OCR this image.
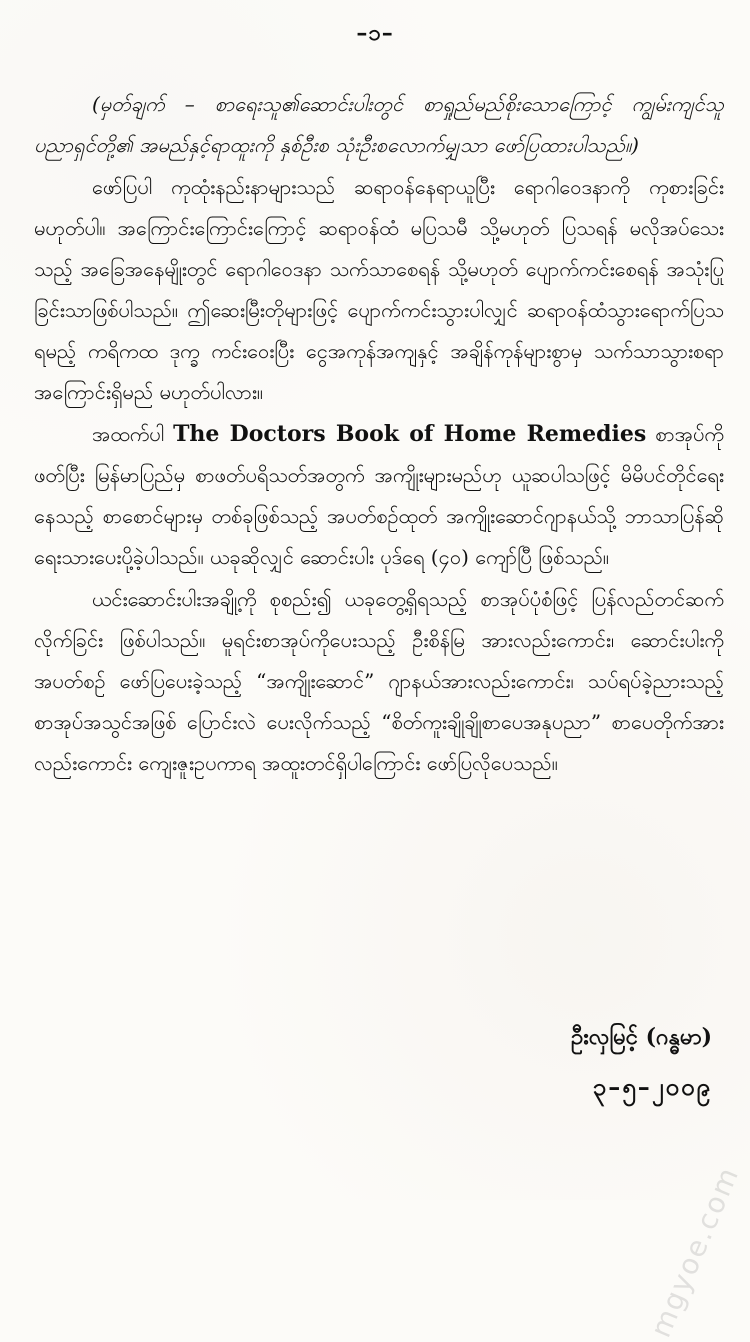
–၁–

(မှတ်ချက် – စာရေးသူ၏ဆောင်းပါးတွင် စာရှုည်မည်စိုးသောကြောင့် ကျွမ်းကျင်သူ ပညာရှင်တို့၏ အမည်နှင့်ရာထူးကို နှစ်ဦးစ သုံးဦးစလောက်မျှသာ ဖော်ပြထားပါသည်။)

ဖော်ပြပါ ကုထုံးနည်းနာများသည် ဆရာဝန်နေရာယူပြီး ရောဂါဝေဒနာကို ကုစားခြင်း မဟုတ်ပါ။ အကြောင်းကြောင်းကြောင့် ဆရာဝန်ထံ မပြသမီ သို့မဟုတ် ပြသရန် မလိုအပ်သေးသည့် အခြေအနေမျိုးတွင် ရောဂါဝေဒနာ သက်သာစေရန် သို့မဟုတ် ပျောက်ကင်းစေရန် အသုံးပြုခြင်းသာဖြစ်ပါသည်။ ဤဆေးမြီးတိုများဖြင့် ပျောက်ကင်းသွားပါလျှင် ဆရာဝန်ထံသွားရောက်ပြသရမည့် ကရိကထ ဒုက္ခ ကင်းဝေးပြီး ငွေအကုန်အကျနှင့် အချိန်ကုန်များစွာမှ သက်သာသွားစရာ အကြောင်းရှိမည် မဟုတ်ပါလား။

အထက်ပါ The Doctors Book of Home Remedies စာအုပ်ကို ဖတ်ပြီး မြန်မာပြည်မှ စာဖတ်ပရိသတ်အတွက် အကျိုးများမည်ဟု ယူဆပါသဖြင့် မိမိပင်တိုင်ရေးနေသည့် စာစောင်များမှ တစ်ခုဖြစ်သည့် အပတ်စဉ်ထုတ် အကျိုးဆောင်ဂျာနယ်သို့ ဘာသာပြန်ဆို ရေးသားပေးပို့ခဲ့ပါသည်။ ယခုဆိုလျှင် ဆောင်းပါး ပုဒ်ရေ (၄၀) ကျော်ပြီ ဖြစ်သည်။

ယင်းဆောင်းပါးအချို့ကို စုစည်း၍ ယခုတွေ့ရှိရသည့် စာအုပ်ပုံစံဖြင့် ပြန်လည်တင်ဆက်လိုက်ခြင်း ဖြစ်ပါသည်။ မူရင်းစာအုပ်ကိုပေးသည့် ဦးစိန်မြ အားလည်းကောင်း၊ ဆောင်းပါးကိုအပတ်စဉ် ဖော်ပြပေးခဲ့သည့် “အကျိုးဆောင်” ဂျာနယ်အားလည်းကောင်း၊ သပ်ရပ်ခဲ့ညားသည့် စာအုပ်အသွင်အဖြစ် ပြောင်းလဲ ပေးလိုက်သည့် “စိတ်ကူးချိုချိုစာပေအနုပညာ” စာပေတိုက်အားလည်းကောင်း ကျေးဇူးဥပကာရ အထူးတင်ရှိပါကြောင်း ဖော်ပြလိုပေသည်။

ဦးလှမြင့် (ဂန္ဓမာ)
၃–၅–၂၀၀၉
mgyoe.com
